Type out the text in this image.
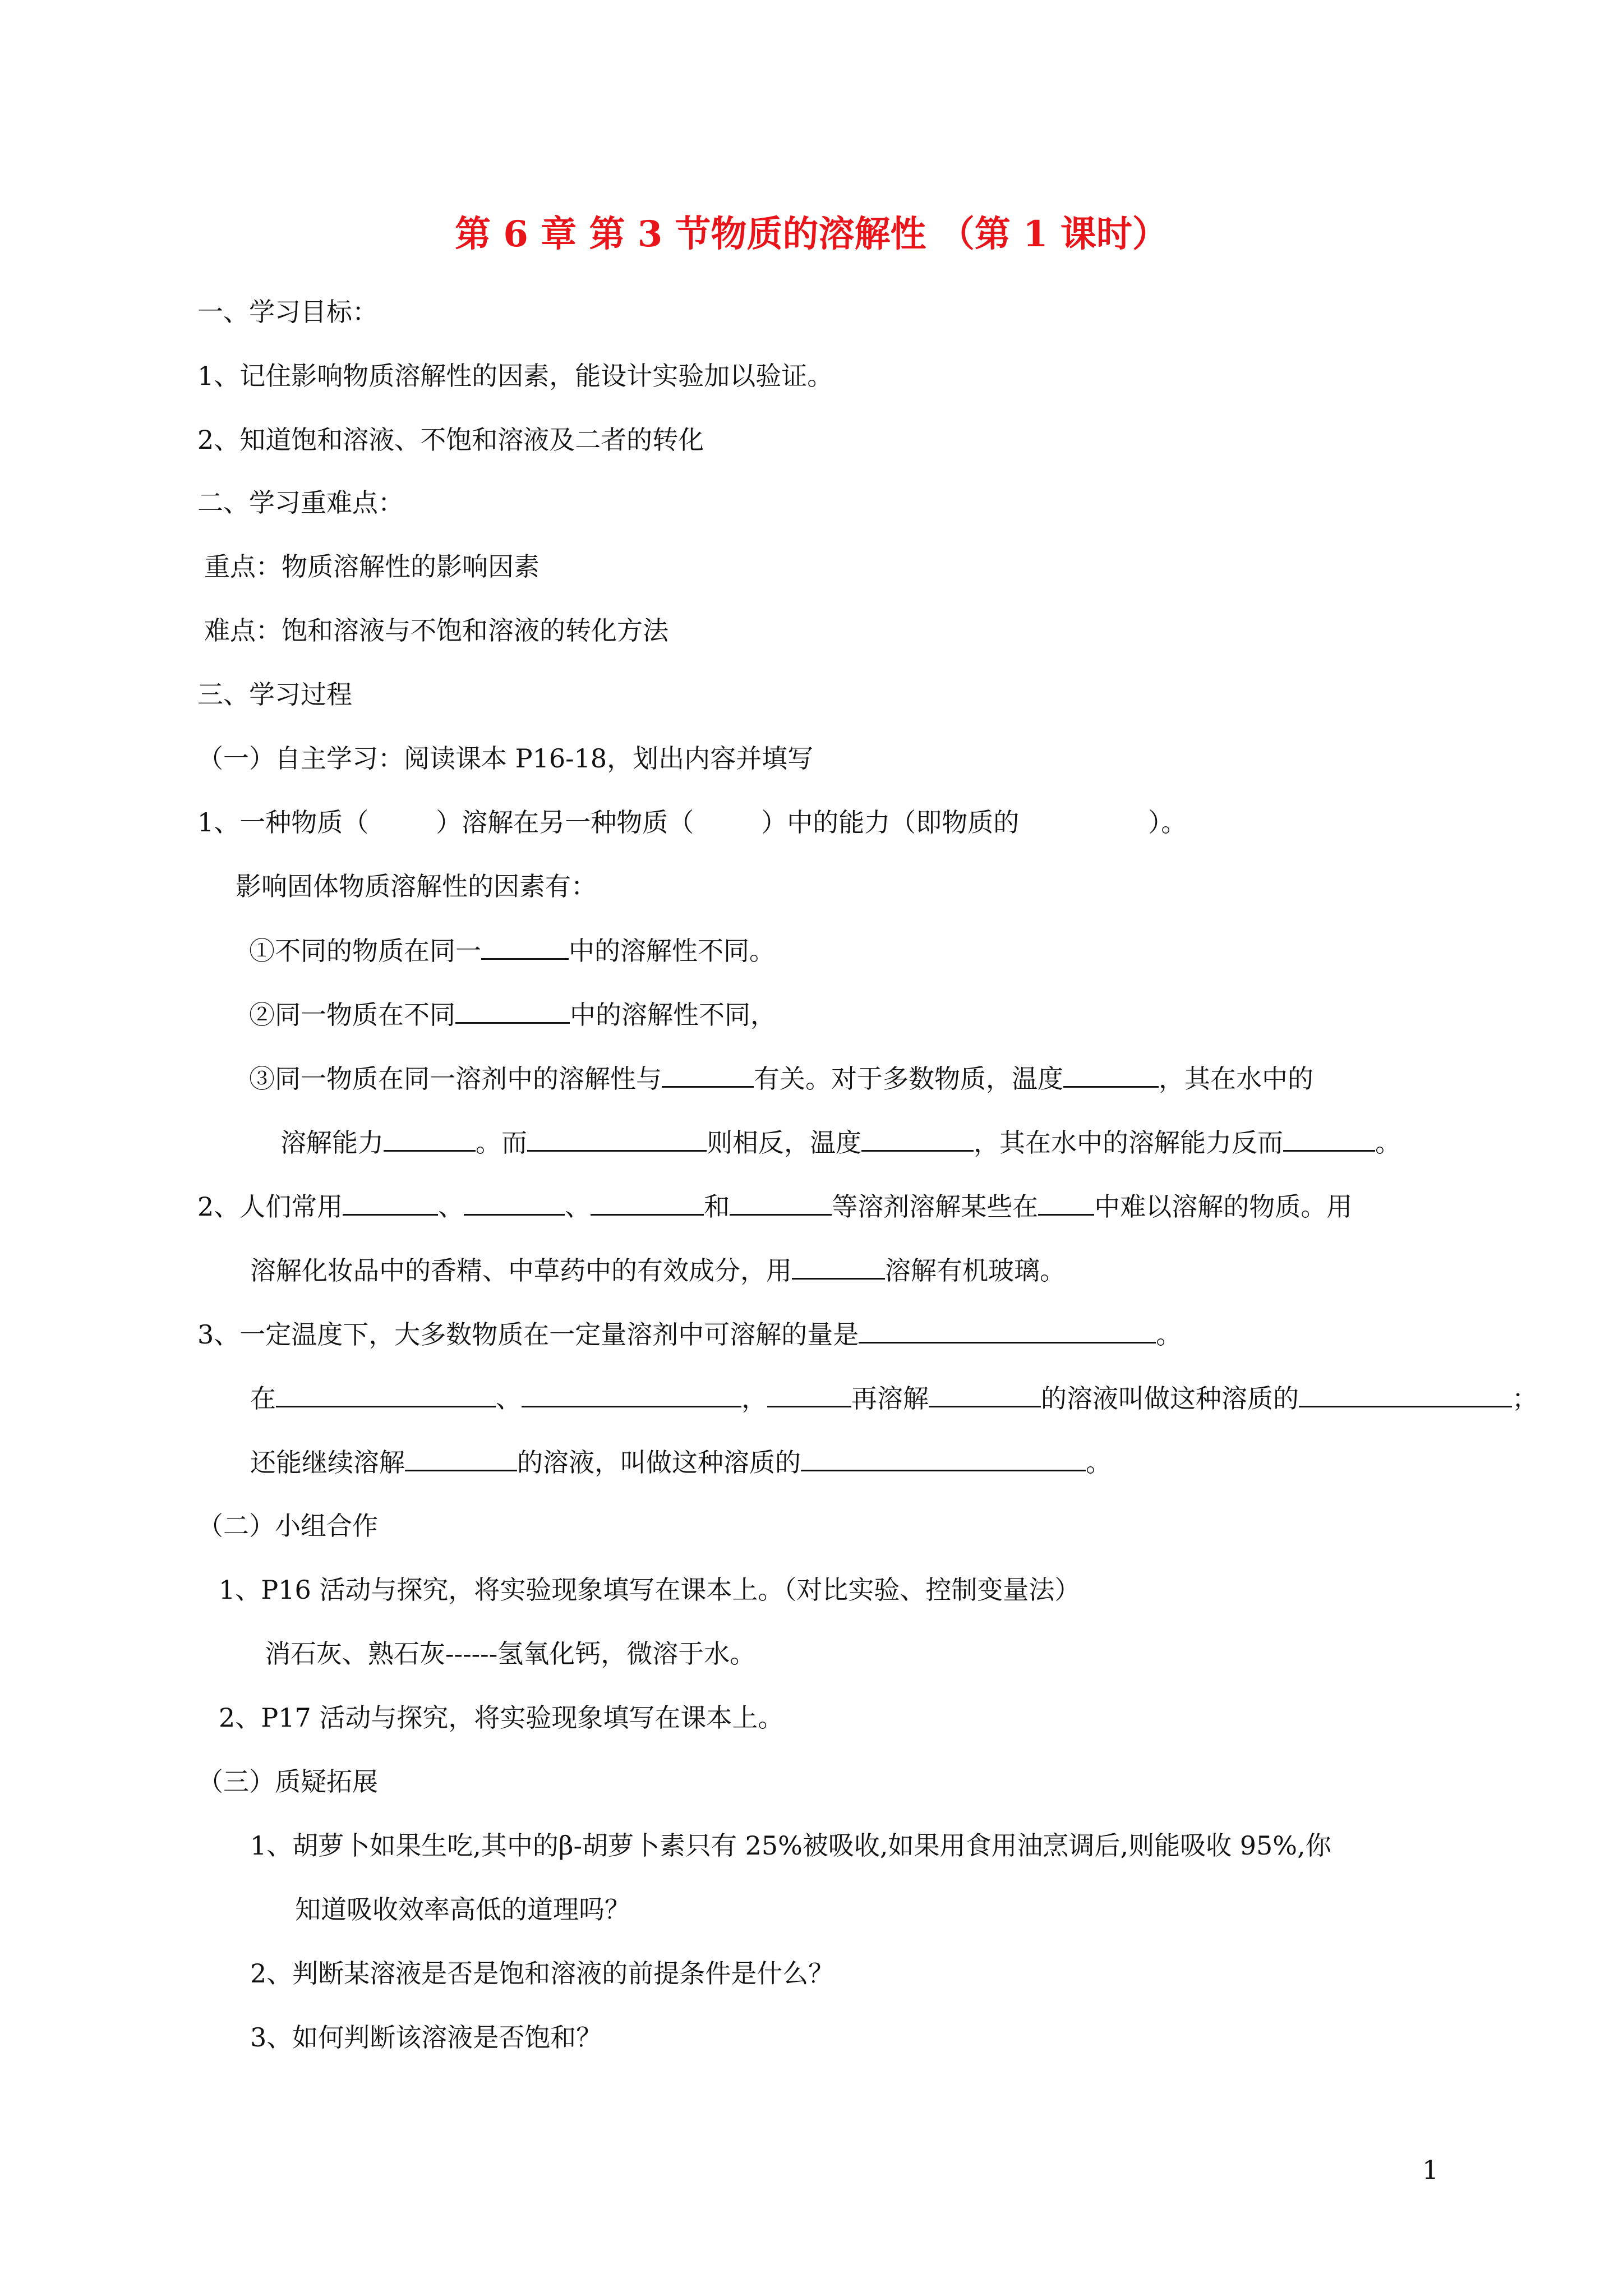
第 6 章 第 3 节物质的溶解性 （第 1 课时）
一、学习目标：
1、记住影响物质溶解性的因素，能设计实验加以验证。
2、知道饱和溶液、不饱和溶液及二者的转化
二、学习重难点：
重点：物质溶解性的影响因素
难点：饱和溶液与不饱和溶液的转化方法
三、学习过程
（一）自主学习：阅读课本 P16-18，划出内容并填写
1、一种物质（	）溶解在另一种物质（	）中的能力（即物质的	）。
影响固体物质溶解性的因素有：
①不同的物质在同一	中的溶解性不同。
②同一物质在不同	中的溶解性不同，
③同一物质在同一溶剂中的溶解性与	有关。对于多数物质，温度	，其在水中的
溶解能力	。而	则相反，温度	，其在水中的溶解能力反而	。
2、人们常用	、	、	和	等溶剂溶解某些在 中难以溶解的物质。用
溶解化妆品中的香精、中草药中的有效成分，用	溶解有机玻璃。
3、一定温度下，大多数物质在一定量溶剂中可溶解的量是	。
在	、	，	再溶解	的溶液叫做这种溶质的	；
还能继续溶解	的溶液，叫做这种溶质的	。
（二）小组合作
1、P16 活动与探究，将实验现象填写在课本上。（对比实验、控制变量法）
消石灰、熟石灰------氢氧化钙，微溶于水。
2、P17 活动与探究，将实验现象填写在课本上。
（三）质疑拓展
1、胡萝卜如果生吃,其中的β-胡萝卜素只有 25%被吸收,如果用食用油烹调后,则能吸收 95%,你
知道吸收效率高低的道理吗？
2、判断某溶液是否是饱和溶液的前提条件是什么？
3、如何判断该溶液是否饱和？
1
